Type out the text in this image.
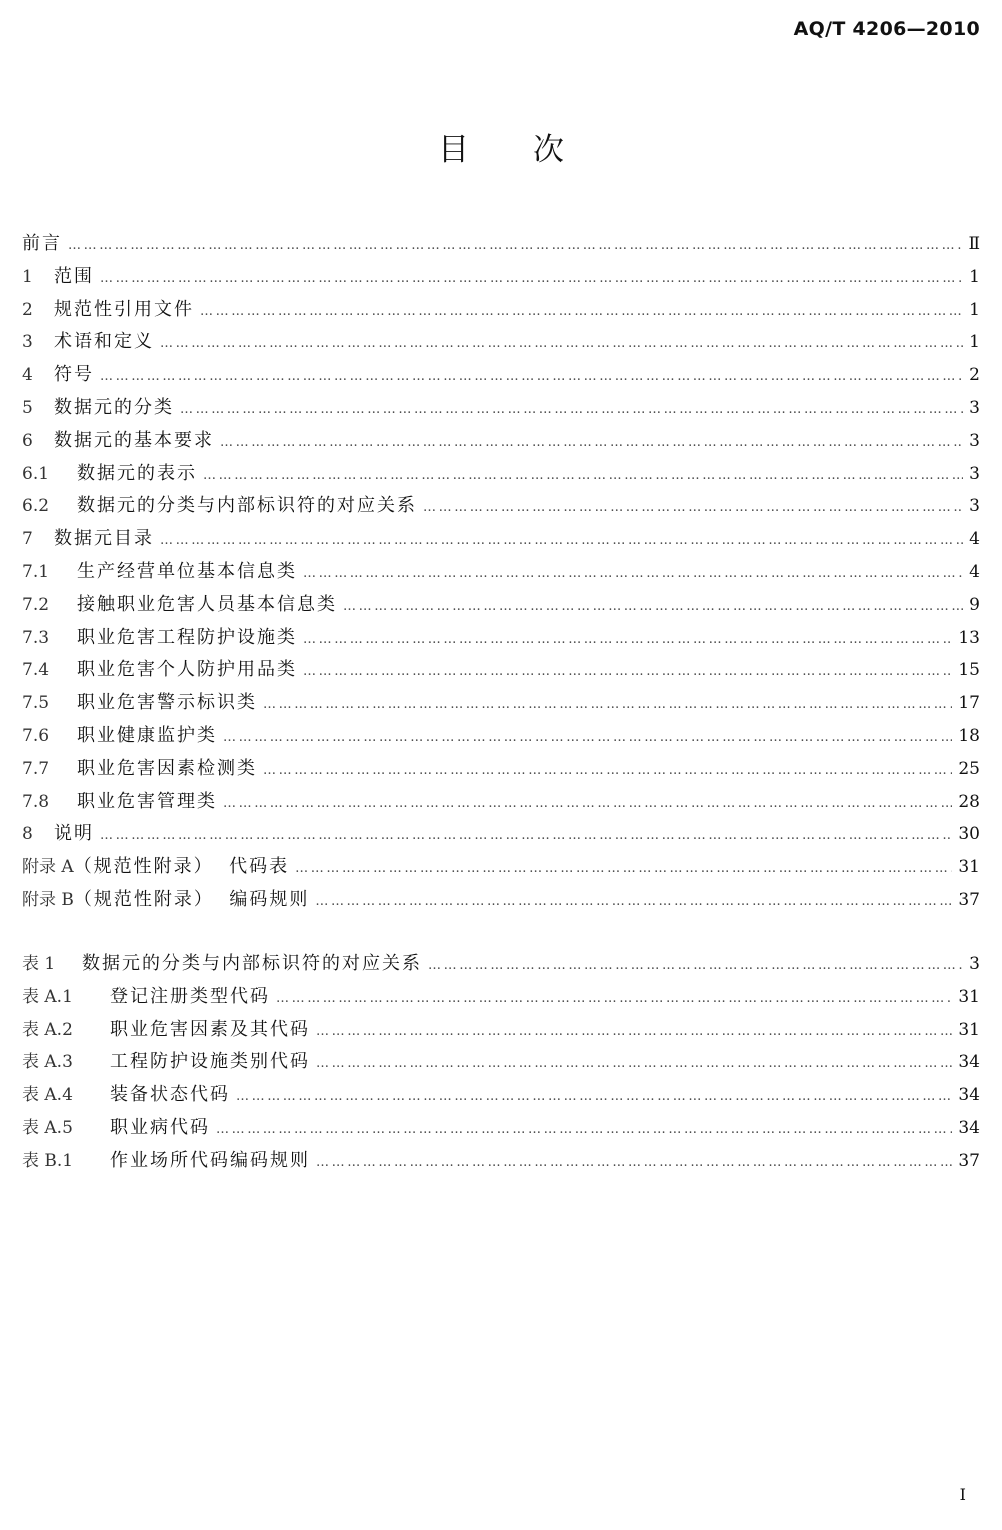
AQ/T 4206—2010
目次
前言 ……………………………………………………………………………………………………………………………………………………………………………………………………………………………………………………………………	Ⅱ
1	范围 ……………………………………………………………………………………………………………………………………………………………………………………………………………………………………………………………………	1
2	规范性引用文件 ……………………………………………………………………………………………………………………………………………………………………………………………………………………………………………………………………	1
3	术语和定义 ……………………………………………………………………………………………………………………………………………………………………………………………………………………………………………………………………	1
4	符号 ……………………………………………………………………………………………………………………………………………………………………………………………………………………………………………………………………	2
5	数据元的分类 ……………………………………………………………………………………………………………………………………………………………………………………………………………………………………………………………………	3
6	数据元的基本要求 ……………………………………………………………………………………………………………………………………………………………………………………………………………………………………………………………………	3
6.1	数据元的表示 ……………………………………………………………………………………………………………………………………………………………………………………………………………………………………………………………………	3
6.2	数据元的分类与内部标识符的对应关系 ……………………………………………………………………………………………………………………………………………………………………………………………………………………………………………………………………	3
7	数据元目录 ……………………………………………………………………………………………………………………………………………………………………………………………………………………………………………………………………	4
7.1	生产经营单位基本信息类 ……………………………………………………………………………………………………………………………………………………………………………………………………………………………………………………………………	4
7.2	接触职业危害人员基本信息类 ……………………………………………………………………………………………………………………………………………………………………………………………………………………………………………………………………	9
7.3	职业危害工程防护设施类 ……………………………………………………………………………………………………………………………………………………………………………………………………………………………………………………………………	13
7.4	职业危害个人防护用品类 ……………………………………………………………………………………………………………………………………………………………………………………………………………………………………………………………………	15
7.5	职业危害警示标识类 ……………………………………………………………………………………………………………………………………………………………………………………………………………………………………………………………………	17
7.6	职业健康监护类 ……………………………………………………………………………………………………………………………………………………………………………………………………………………………………………………………………	18
7.7	职业危害因素检测类 ……………………………………………………………………………………………………………………………………………………………………………………………………………………………………………………………………	25
7.8	职业危害管理类 ……………………………………………………………………………………………………………………………………………………………………………………………………………………………………………………………………	28
8	说明 ……………………………………………………………………………………………………………………………………………………………………………………………………………………………………………………………………	30
附录 A （规范性附录）  代码表 ……………………………………………………………………………………………………………………………………………………………………………………………………………………………………………………………………	31
附录 B （规范性附录）  编码规则 ……………………………………………………………………………………………………………………………………………………………………………………………………………………………………………………………………	37
表 1	数据元的分类与内部标识符的对应关系 ……………………………………………………………………………………………………………………………………………………………………………………………………………………………………………………………………	3
表 A.1	登记注册类型代码 ……………………………………………………………………………………………………………………………………………………………………………………………………………………………………………………………………	31
表 A.2	职业危害因素及其代码 ……………………………………………………………………………………………………………………………………………………………………………………………………………………………………………………………………	31
表 A.3	工程防护设施类别代码 ……………………………………………………………………………………………………………………………………………………………………………………………………………………………………………………………………	34
表 A.4	装备状态代码 ……………………………………………………………………………………………………………………………………………………………………………………………………………………………………………………………………	34
表 A.5	职业病代码 ……………………………………………………………………………………………………………………………………………………………………………………………………………………………………………………………………	34
表 B.1	作业场所代码编码规则 ……………………………………………………………………………………………………………………………………………………………………………………………………………………………………………………………………	37
I
